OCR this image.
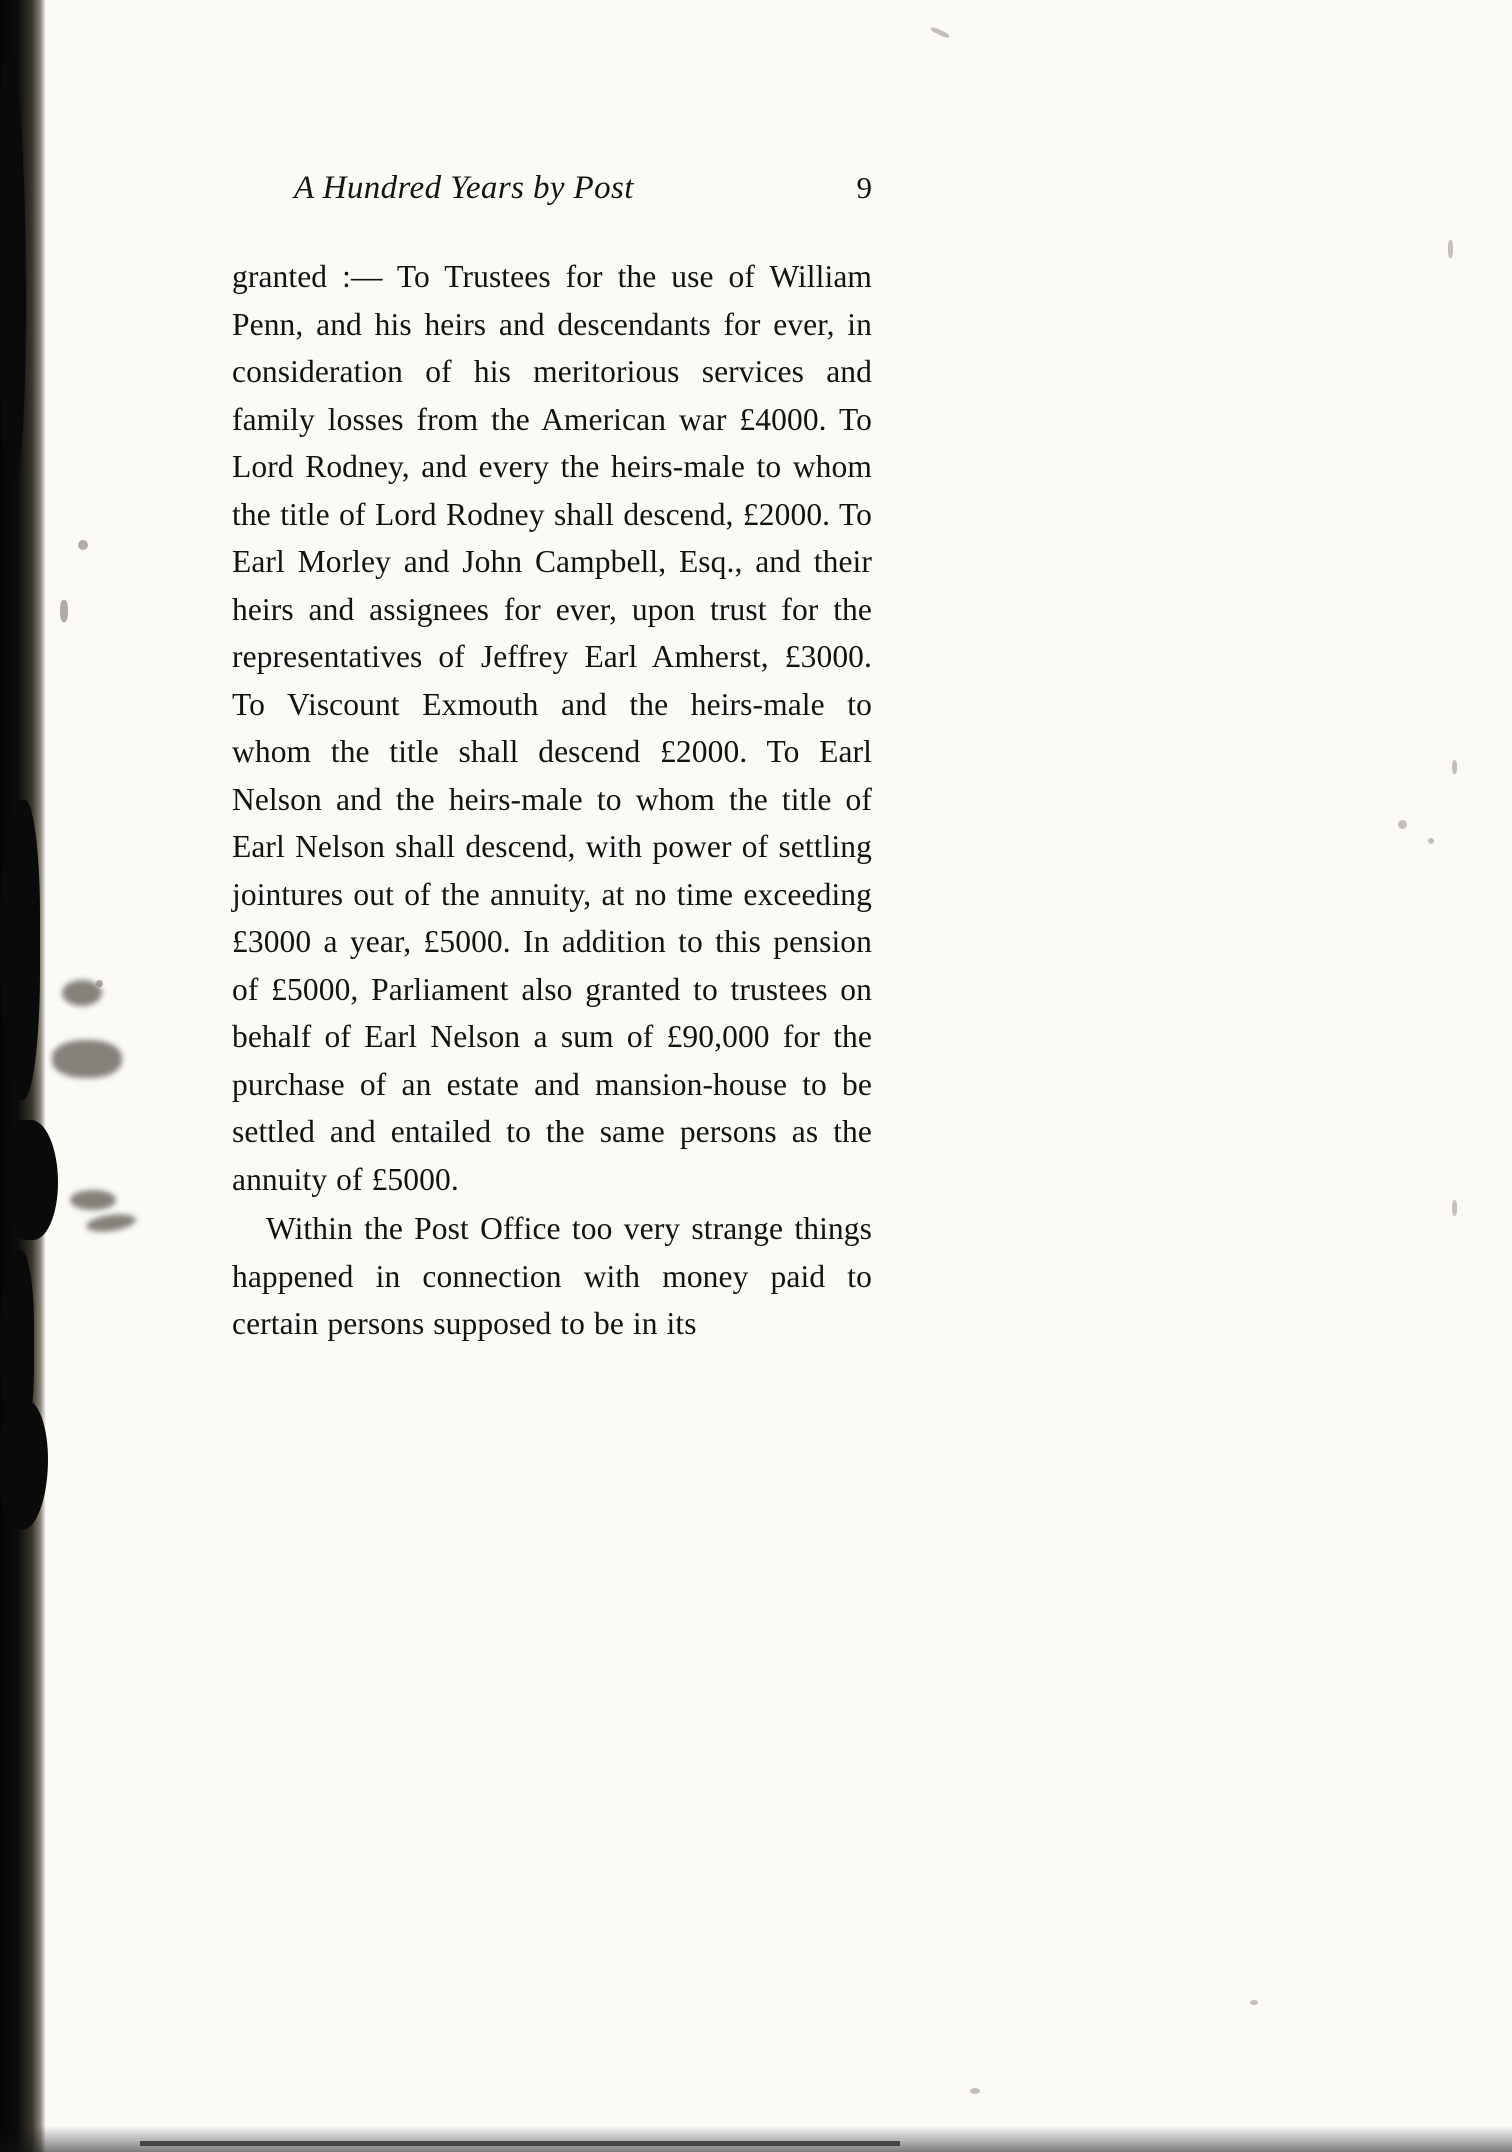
A Hundred Years by Post	9

granted :— To Trustees for the use of William Penn, and his heirs and descendants for ever, in consideration of his meritorious services and family losses from the American war £4000. To Lord Rodney, and every the heirs-male to whom the title of Lord Rodney shall descend, £2000. To Earl Morley and John Campbell, Esq., and their heirs and assignees for ever, upon trust for the representatives of Jeffrey Earl Amherst, £3000. To Viscount Exmouth and the heirs-male to whom the title shall descend £2000. To Earl Nelson and the heirs-male to whom the title of Earl Nelson shall descend, with power of settling jointures out of the annuity, at no time exceeding £3000 a year, £5000. In addition to this pension of £5000, Parliament also granted to trustees on behalf of Earl Nelson a sum of £90,000 for the purchase of an estate and mansion-house to be settled and entailed to the same persons as the annuity of £5000.

Within the Post Office too very strange things happened in connection with money paid to certain persons supposed to be in its
